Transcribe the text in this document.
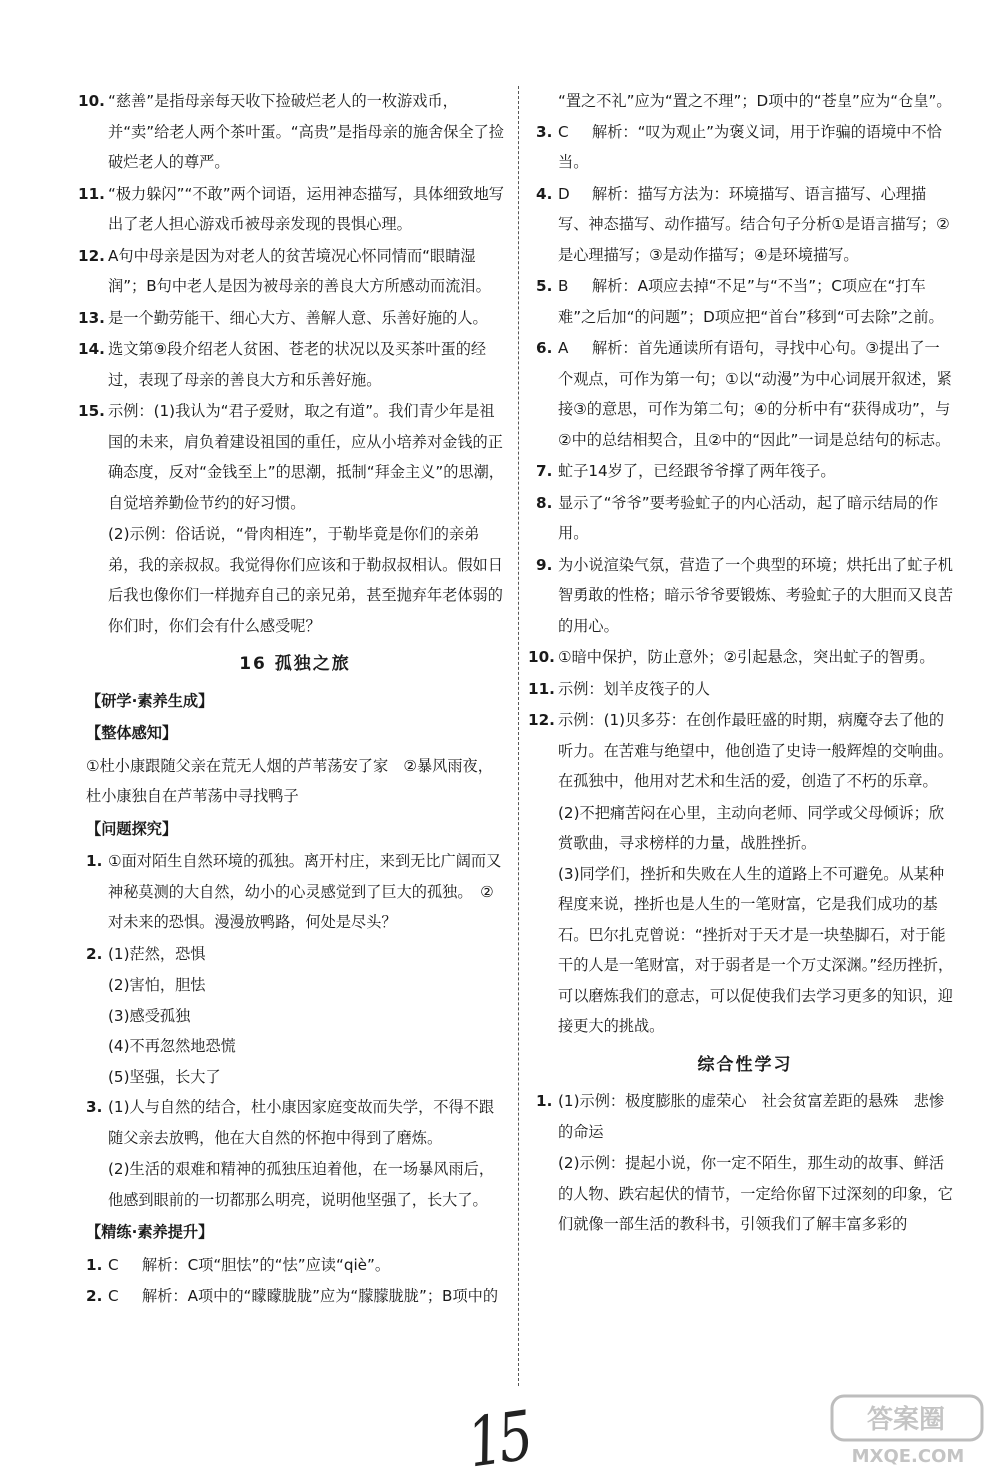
10. “慈善”是指母亲每天收下捡破烂老人的一枚游戏币，并“卖”给老人两个茶叶蛋。“高贵”是指母亲的施舍保全了捡破烂老人的尊严。
11. “极力躲闪”“不敢”两个词语，运用神态描写，具体细致地写出了老人担心游戏币被母亲发现的畏惧心理。
12. A句中母亲是因为对老人的贫苦境况心怀同情而“眼睛湿润”；B句中老人是因为被母亲的善良大方所感动而流泪。
13. 是一个勤劳能干、细心大方、善解人意、乐善好施的人。
14. 选文第⑨段介绍老人贫困、苍老的状况以及买茶叶蛋的经过，表现了母亲的善良大方和乐善好施。
15. 示例：(1)我认为“君子爱财，取之有道”。我们青少年是祖国的未来，肩负着建设祖国的重任，应从小培养对金钱的正确态度，反对“金钱至上”的思潮，抵制“拜金主义”的思潮，自觉培养勤俭节约的好习惯。
(2)示例：俗话说，“骨肉相连”，于勒毕竟是你们的亲弟弟，我的亲叔叔。我觉得你们应该和于勒叔叔相认。假如日后我也像你们一样抛弃自己的亲兄弟，甚至抛弃年老体弱的你们时，你们会有什么感受呢？
16 孤独之旅
【研学·素养生成】
【整体感知】
①杜小康跟随父亲在荒无人烟的芦苇荡安了家　②暴风雨夜，杜小康独自在芦苇荡中寻找鸭子
【问题探究】
1. ①面对陌生自然环境的孤独。离开村庄，来到无比广阔而又神秘莫测的大自然，幼小的心灵感觉到了巨大的孤独。　②对未来的恐惧。漫漫放鸭路，何处是尽头？
2. (1)茫然，恐惧
(2)害怕，胆怯
(3)感受孤独
(4)不再忽然地恐慌
(5)坚强，长大了
3. (1)人与自然的结合，杜小康因家庭变故而失学，不得不跟随父亲去放鸭，他在大自然的怀抱中得到了磨炼。
(2)生活的艰难和精神的孤独压迫着他，在一场暴风雨后，他感到眼前的一切都那么明亮，说明他坚强了，长大了。
【精练·素养提升】
1. C 解析：C项“胆怯”的“怯”应读“qiè”。
2. C 解析：A项中的“矇矇胧胧”应为“朦朦胧胧”；B项中的
“置之不礼”应为“置之不理”；D项中的“苍皇”应为“仓皇”。
3. C 解析：“叹为观止”为褒义词，用于诈骗的语境中不恰当。
4. D 解析：描写方法为：环境描写、语言描写、心理描写、神态描写、动作描写。结合句子分析①是语言描写；②是心理描写；③是动作描写；④是环境描写。
5. B 解析：A项应去掉“不足”与“不当”；C项应在“打车难”之后加“的问题”；D项应把“首台”移到“可去除”之前。
6. A 解析：首先通读所有语句，寻找中心句。③提出了一个观点，可作为第一句；①以“动漫”为中心词展开叙述，紧接③的意思，可作为第二句；④的分析中有“获得成功”，与②中的总结相契合，且②中的“因此”一词是总结句的标志。
7. 虻子14岁了，已经跟爷爷撑了两年筏子。
8. 显示了“爷爷”要考验虻子的内心活动，起了暗示结局的作用。
9. 为小说渲染气氛，营造了一个典型的环境；烘托出了虻子机智勇敢的性格；暗示爷爷要锻炼、考验虻子的大胆而又良苦的用心。
10. ①暗中保护，防止意外；②引起悬念，突出虻子的智勇。
11. 示例：划羊皮筏子的人
12. 示例：(1)贝多芬：在创作最旺盛的时期，病魔夺去了他的听力。在苦难与绝望中，他创造了史诗一般辉煌的交响曲。在孤独中，他用对艺术和生活的爱，创造了不朽的乐章。
(2)不把痛苦闷在心里，主动向老师、同学或父母倾诉；欣赏歌曲，寻求榜样的力量，战胜挫折。
(3)同学们，挫折和失败在人生的道路上不可避免。从某种程度来说，挫折也是人生的一笔财富，它是我们成功的基石。巴尔扎克曾说：“挫折对于天才是一块垫脚石，对于能干的人是一笔财富，对于弱者是一个万丈深渊。”经历挫折，可以磨炼我们的意志，可以促使我们去学习更多的知识，迎接更大的挑战。
综合性学习
1. (1)示例：极度膨胀的虚荣心　社会贫富差距的悬殊　悲惨的命运
(2)示例：提起小说，你一定不陌生，那生动的故事、鲜活的人物、跌宕起伏的情节，一定给你留下过深刻的印象，它们就像一部生活的教科书，引领我们了解丰富多彩的
15	答案圈
MXQE.COM
